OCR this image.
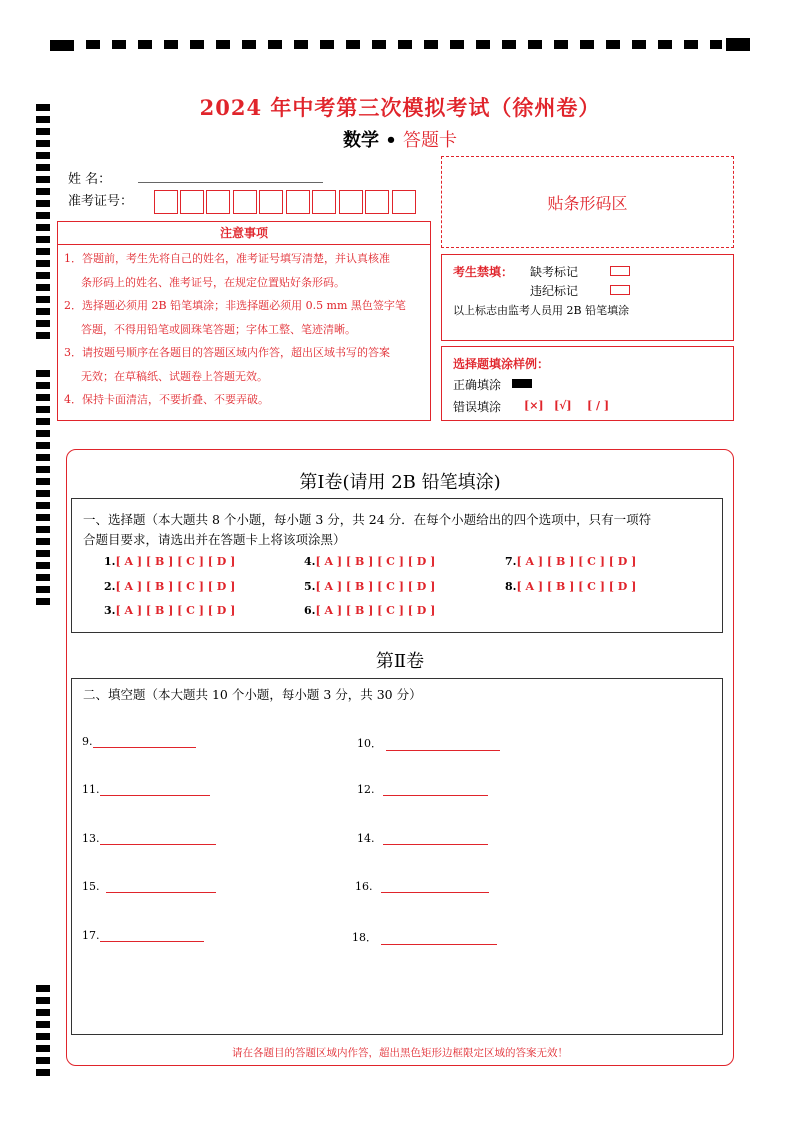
2024 年中考第三次模拟考试（徐州卷）
数学 • 答题卡
姓 名：
准考证号：	贴条形码区
注意事项

1．答题前，考生先将自己的姓名，准考证号填写清楚，并认真核准

条形码上的姓名、准考证号，在规定位置贴好条形码。

2．选择题必须用 2B 铅笔填涂；非选择题必须用 0.5 mm 黑色签字笔

答题，不得用铅笔或圆珠笔答题；字体工整、笔迹清晰。

3．请按题号顺序在各题目的答题区域内作答，超出区域书写的答案

无效；在草稿纸、试题卷上答题无效。

4．保持卡面清洁，不要折叠、不要弄破。

考生禁填： 缺考标记
违纪标记
以上标志由监考人员用 2B 铅笔填涂
选择题填涂样例：
正确填涂
错误填涂 [×] [√] [ / ]
第Ⅰ卷(请用 2B 铅笔填涂)
一、选择题（本大题共 8 个小题，每小题 3 分，共 24 分．在每个小题给出的四个选项中，只有一项符
合题目要求，请选出并在答题卡上将该项涂黑）
1.[ A ] [ B ] [ C ] [ D ]
2.[ A ] [ B ] [ C ] [ D ]
3.[ A ] [ B ] [ C ] [ D ]
4.[ A ] [ B ] [ C ] [ D ]
5.[ A ] [ B ] [ C ] [ D ]
6.[ A ] [ B ] [ C ] [ D ]
7.[ A ] [ B ] [ C ] [ D ]
8.[ A ] [ B ] [ C ] [ D ]
第Ⅱ卷
二、填空题（本大题共 10 个小题，每小题 3 分，共 30 分）
9.	10．
11.	12.
13.	14.
15.	16.
17.	18．
请在各题目的答题区域内作答，超出黑色矩形边框限定区域的答案无效！
